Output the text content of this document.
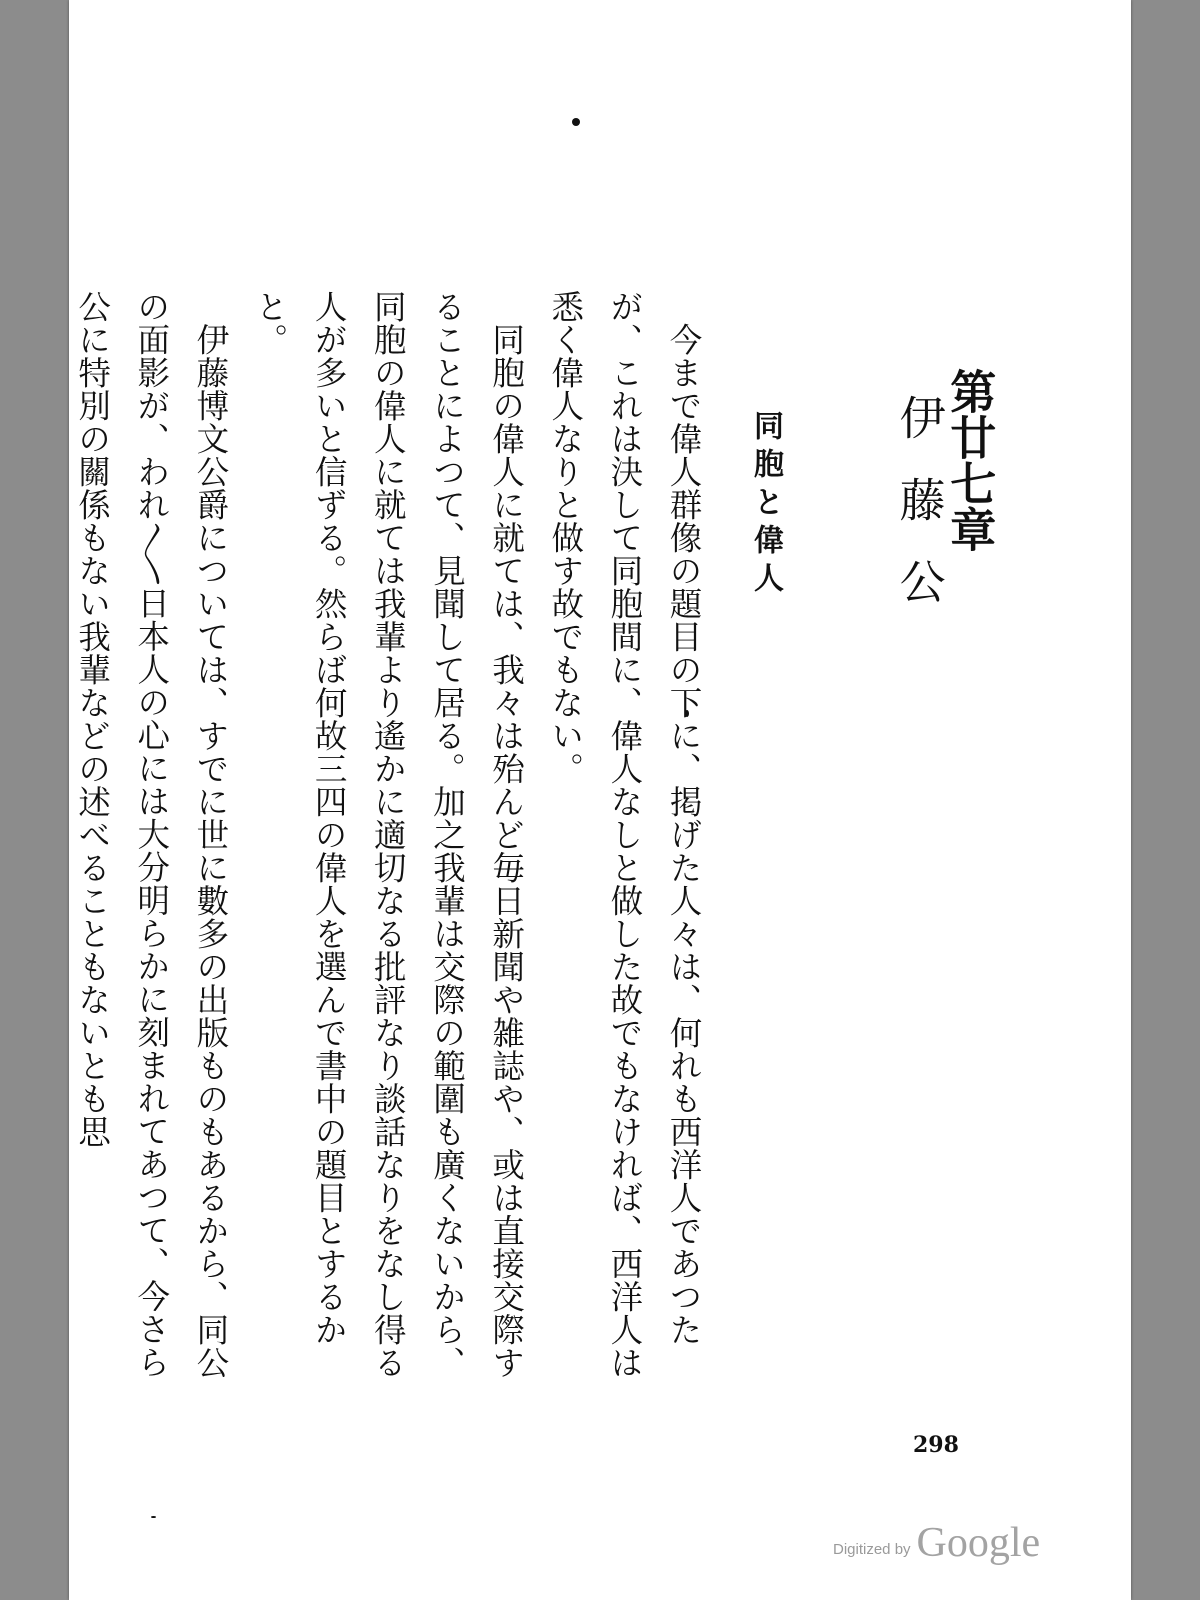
第廿七章 伊藤公
同胞と偉人

今まで偉人群像の題目の下に、掲げた人々は、何れも西洋人であつたが、これは決して同胞間に、偉人なしと做した故でもなければ、西洋人は悉く偉人なりと做す故でもない。

同胞の偉人に就ては、我々は殆んど毎日新聞や雑誌や、或は直接交際することによつて、見聞して居る。加之我輩は交際の範圍も廣くないから、同胞の偉人に就ては我輩より遙かに適切なる批評なり談話なりをなし得る人が多いと信ずる。然らば何故三四の偉人を選んで書中の題目とするかと。

伊藤博文公爵については、すでに世に數多の出版ものもあるから、同公の面影が、われ〳〵日本人の心には大分明らかに刻まれてあつて、今さら公に特別の關係もない我輩などの述べることもないとも思

298
Digitized by Google
